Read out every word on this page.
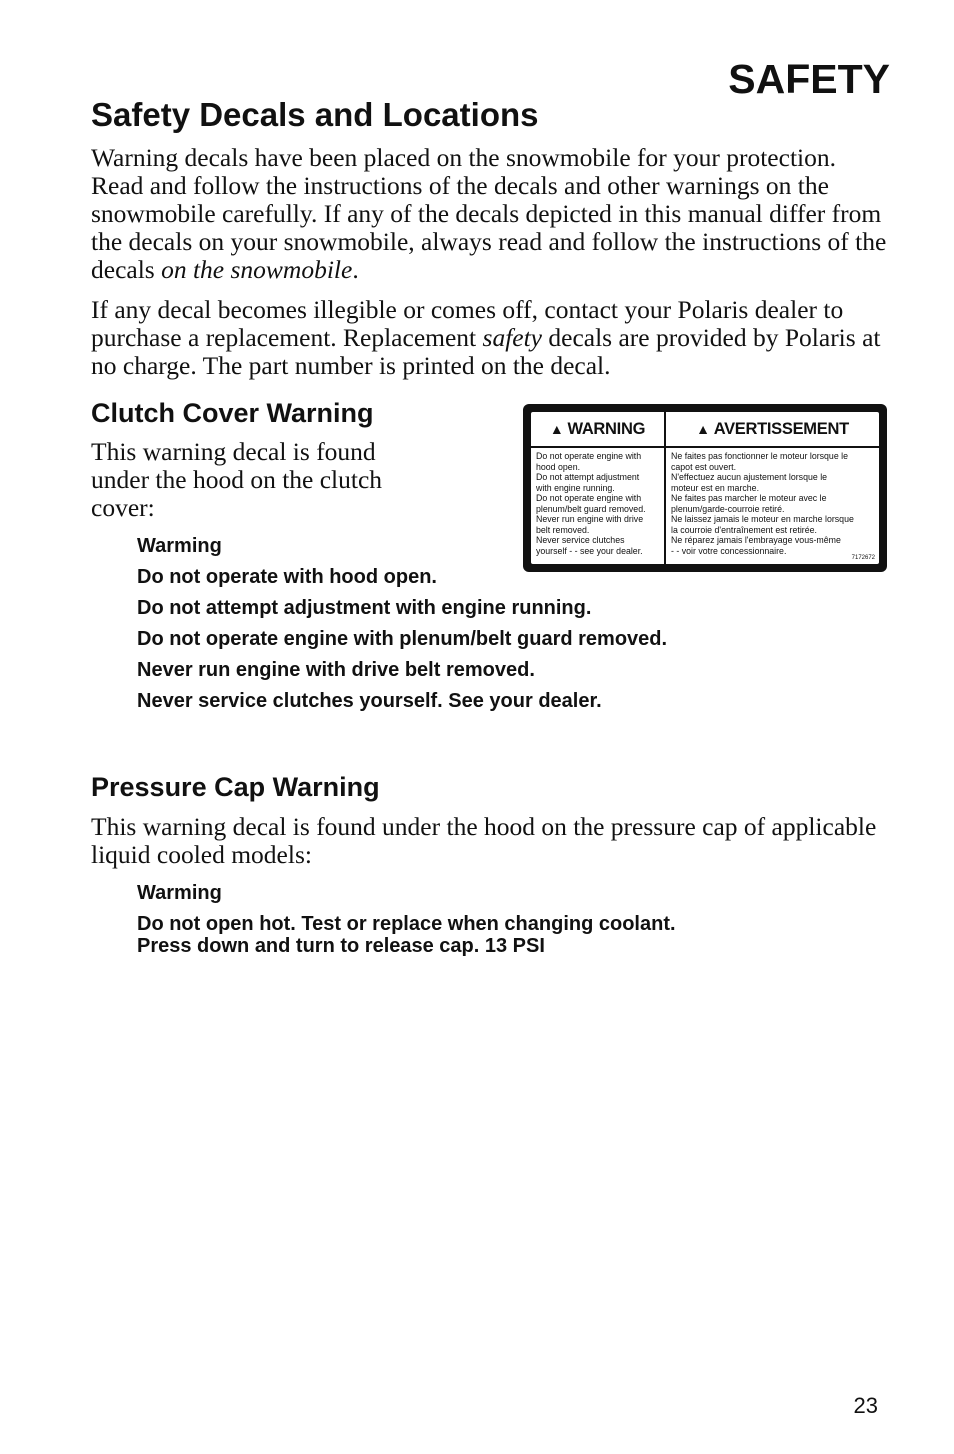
SAFETY
Safety Decals and Locations

Warning decals have been placed on the snowmobile for your protection. Read and follow the instructions of the decals and other warnings on the snowmobile carefully. If any of the decals depicted in this manual differ from the decals on your snowmobile, always read and follow the instructions of the decals on the snowmobile.

If any decal becomes illegible or comes off, contact your Polaris dealer to purchase a replacement. Replacement safety decals are provided by Polaris at no charge. The part number is printed on the decal.

Clutch Cover Warning

This warning decal is found under the hood on the clutch cover:

▲ WARNING
Do not operate engine with
hood open.
Do not attempt adjustment
with engine running.
Do not operate engine with
plenum/belt guard removed.
Never run engine with drive
belt removed.
Never service clutches
yourself - - see your dealer.
▲ AVERTISSEMENT
Ne faites pas fonctionner le moteur lorsque le
capot est ouvert.
N'effectuez aucun ajustement lorsque le
moteur est en marche.
Ne faites pas marcher le moteur avec le
plenum/garde-courroie retiré.
Ne laissez jamais le moteur en marche lorsque
la courroie d'entraînement est retirée.
Ne réparez jamais l'embrayage vous-même
- - voir votre concessionnaire.
7172672
Warming
Do not operate with hood open.
Do not attempt adjustment with engine running.
Do not operate engine with plenum/belt guard removed.
Never run engine with drive belt removed.
Never service clutches yourself. See your dealer.
Pressure Cap Warning

This warning decal is found under the hood on the pressure cap of applicable liquid cooled models:

Warming
Do not open hot. Test or replace when changing coolant. Press down and turn to release cap. 13 PSI

23
